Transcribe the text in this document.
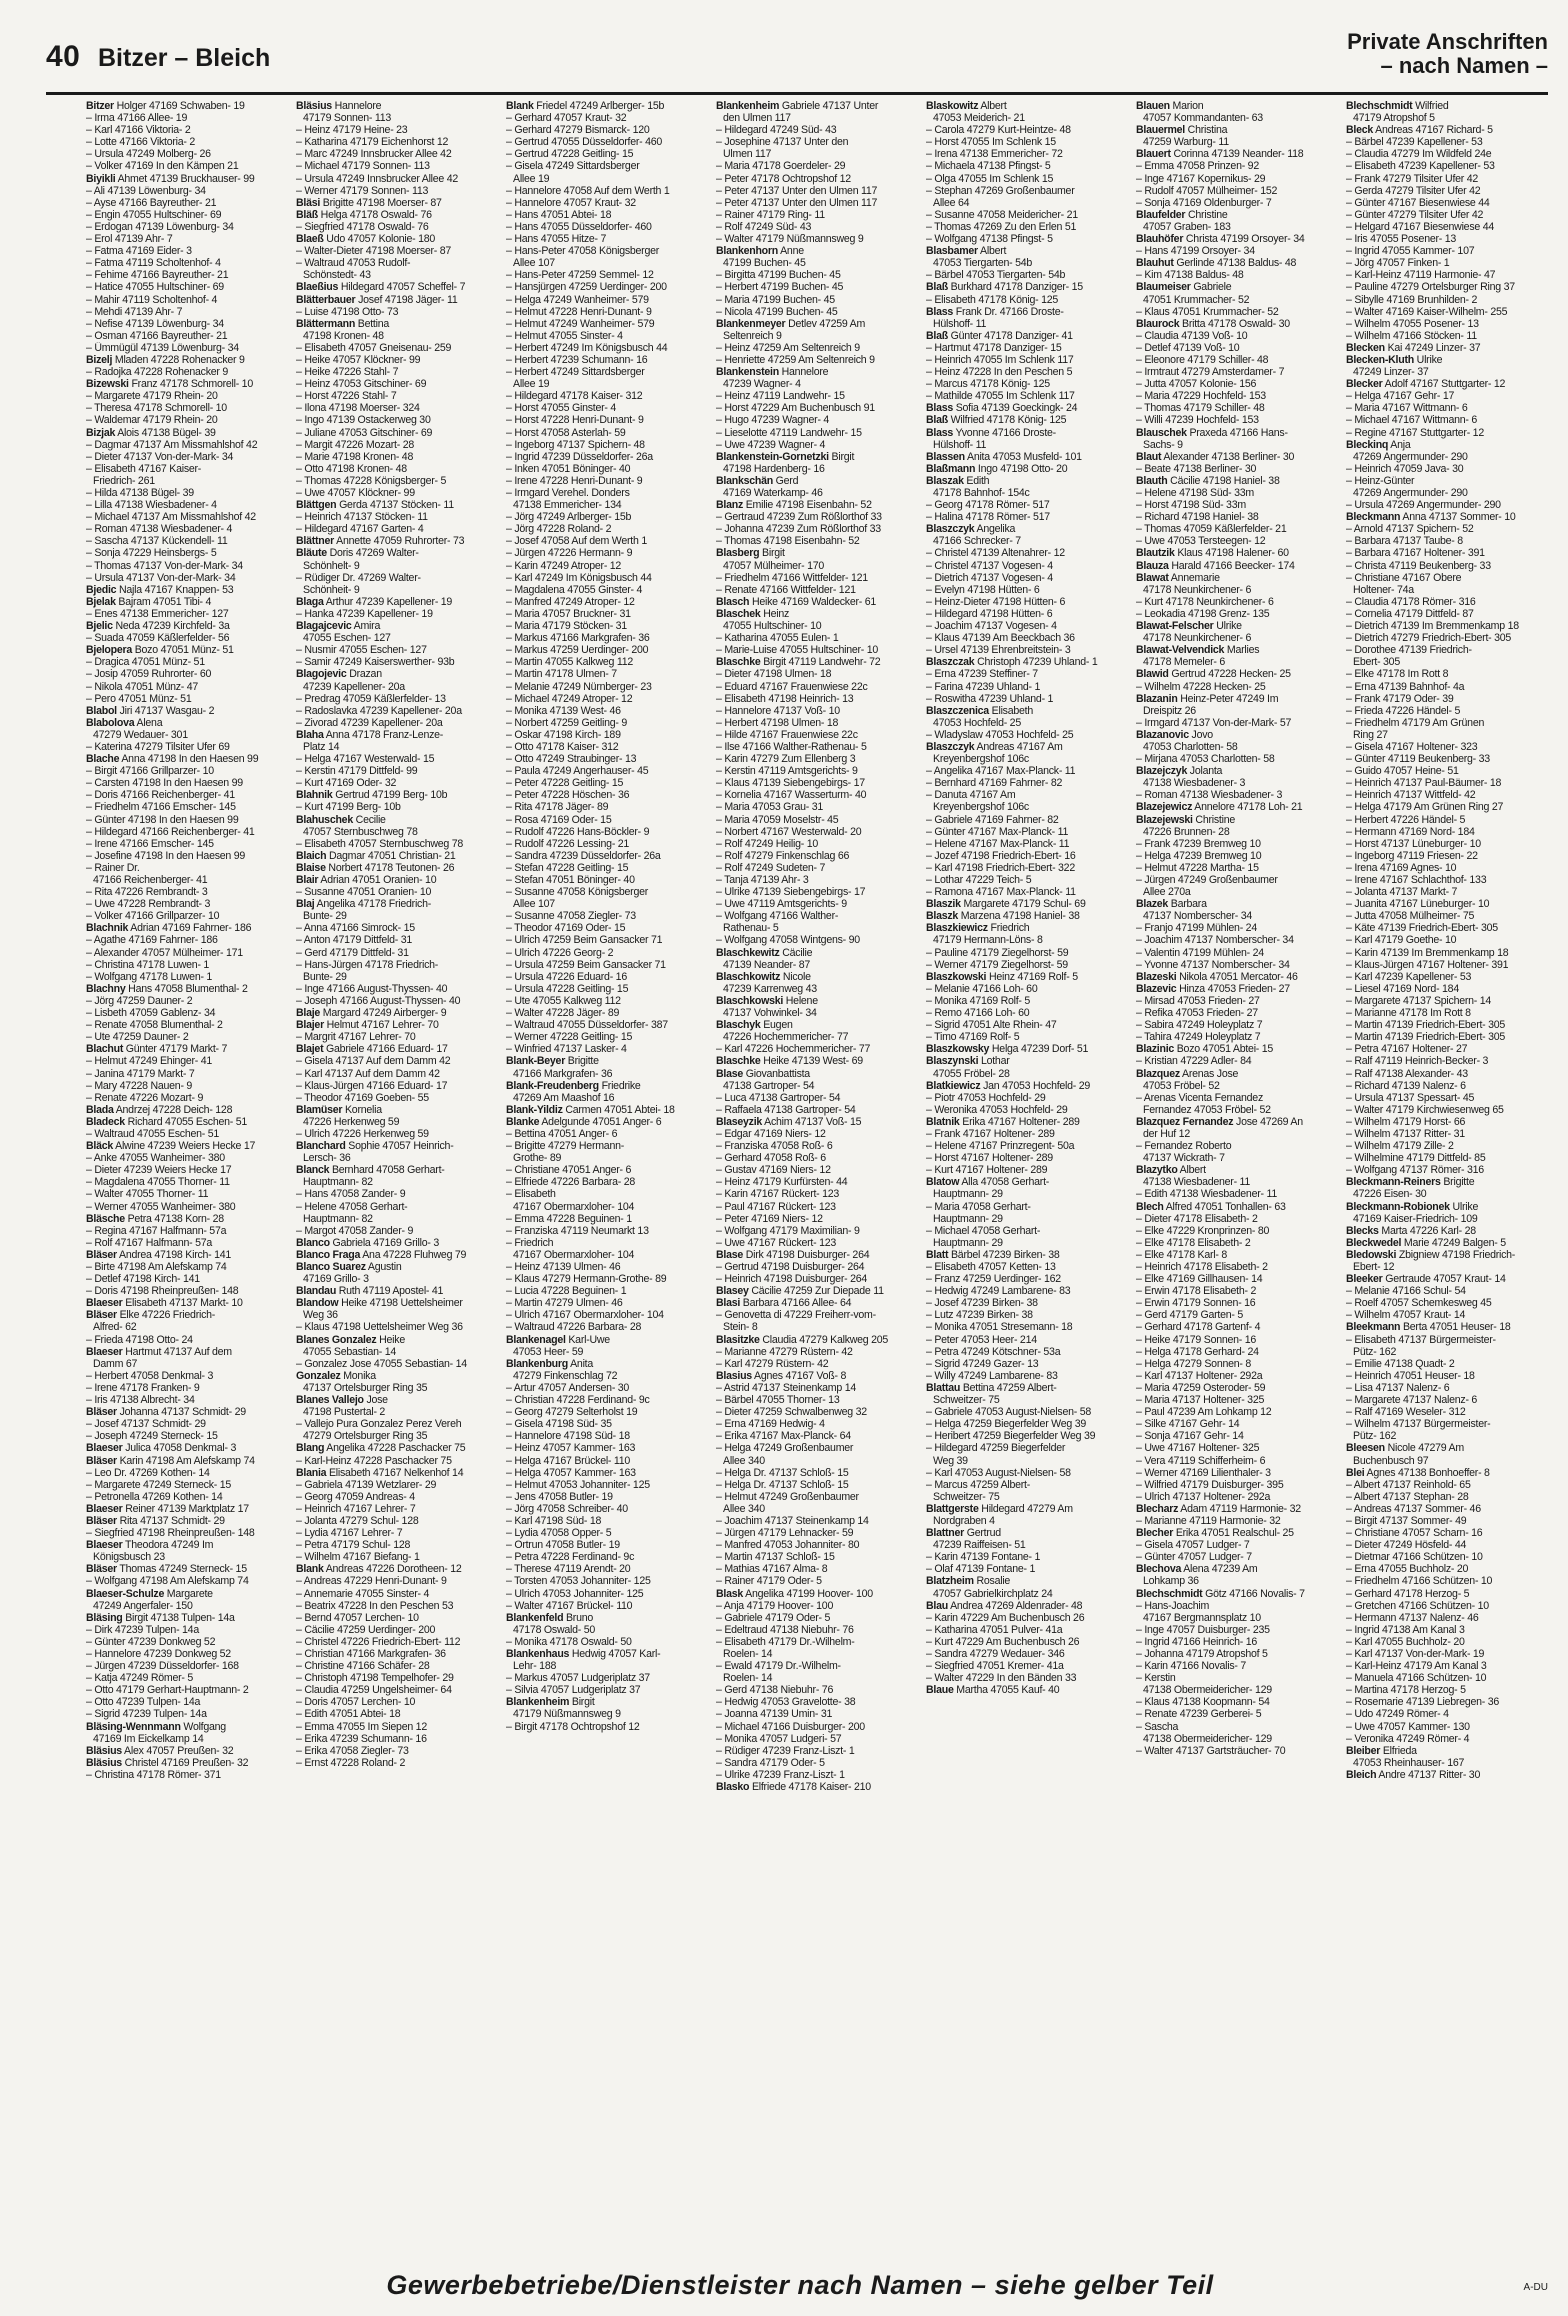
40 Bitzer – Bleich
Private Anschriften
– nach Namen –
Bitzer Holger 47169 Schwaben- 19
– Irma 47166 Allee- 19
– Karl 47166 Viktoria- 2
– Lotte 47166 Viktoria- 2
– Ursula 47249 Molberg- 26
– Volker 47169 In den Kämpen 21
Biyikli Ahmet 47139 Bruckhauser- 99
– Ali 47139 Löwenburg- 34
– Ayse 47166 Bayreuther- 21
– Engin 47055 Hultschiner- 69
– Erdogan 47139 Löwenburg- 34
– Erol 47139 Ahr- 7
– Fatma 47169 Eider- 3
– Fatma 47119 Scholtenhof- 4
– Fehime 47166 Bayreuther- 21
– Hatice 47055 Hultschiner- 69
– Mahir 47119 Scholtenhof- 4
– Mehdi 47139 Ahr- 7
– Nefise 47139 Löwenburg- 34
– Osman 47166 Bayreuther- 21
– Ümmügül 47139 Löwenburg- 34
Bizelj Mladen 47228 Rohenacker 9
– Radojka 47228 Rohenacker 9
Bizewski Franz 47178 Schmorell- 10
– Margarete 47179 Rhein- 20
– Theresa 47178 Schmorell- 10
– Waldemar 47179 Rhein- 20
Bizjak Alois 47138 Bügel- 39
– Dagmar 47137 Am Missmahlshof 42
– Dieter 47137 Von-der-Mark- 34
– Elisabeth 47167 Kaiser-
Friedrich- 261
– Hilda 47138 Bügel- 39
– Lilla 47138 Wiesbadener- 4
– Michael 47137 Am Missmahlshof 42
– Roman 47138 Wiesbadener- 4
– Sascha 47137 Kückendell- 11
– Sonja 47229 Heinsbergs- 5
– Thomas 47137 Von-der-Mark- 34
– Ursula 47137 Von-der-Mark- 34
Bjedic Najla 47167 Knappen- 53
Bjelak Bajram 47051 Tibi- 4
– Enes 47138 Emmericher- 127
Bjelic Neda 47239 Kirchfeld- 3a
– Suada 47059 Käßlerfelder- 56
Bjelopera Bozo 47051 Münz- 51
– Dragica 47051 Münz- 51
– Josip 47059 Ruhrorter- 60
– Nikola 47051 Münz- 47
– Pero 47051 Münz- 51
Blabol Jiri 47137 Wasgau- 2
Blabolova Alena
47279 Wedauer- 301
– Katerina 47279 Tilsiter Ufer 69
Blache Anna 47198 In den Haesen 99
– Birgit 47166 Grillparzer- 10
– Carsten 47198 In den Haesen 99
– Doris 47166 Reichenberger- 41
– Friedhelm 47166 Emscher- 145
– Günter 47198 In den Haesen 99
– Hildegard 47166 Reichenberger- 41
– Irene 47166 Emscher- 145
– Josefine 47198 In den Haesen 99
– Rainer Dr.
47166 Reichenberger- 41
– Rita 47226 Rembrandt- 3
– Uwe 47228 Rembrandt- 3
– Volker 47166 Grillparzer- 10
Blachnik Adrian 47169 Fahrner- 186
– Agathe 47169 Fahrner- 186
– Alexander 47057 Mülheimer- 171
– Christina 47178 Luwen- 1
– Wolfgang 47178 Luwen- 1
Blachny Hans 47058 Blumenthal- 2
– Jörg 47259 Dauner- 2
– Lisbeth 47059 Gablenz- 34
– Renate 47058 Blumenthal- 2
– Ute 47259 Dauner- 2
Blachut Günter 47179 Markt- 7
– Helmut 47249 Ehinger- 41
– Janina 47179 Markt- 7
– Mary 47228 Nauen- 9
– Renate 47226 Mozart- 9
Blada Andrzej 47228 Deich- 128
Bladeck Richard 47055 Eschen- 51
– Waltraud 47055 Eschen- 51
Bläck Alwine 47239 Weiers Hecke 17
– Anke 47055 Wanheimer- 380
– Dieter 47239 Weiers Hecke 17
– Magdalena 47055 Thorner- 11
– Walter 47055 Thorner- 11
– Werner 47055 Wanheimer- 380
Bläsche Petra 47138 Korn- 28
– Regina 47167 Halfmann- 57a
– Rolf 47167 Halfmann- 57a
Bläser Andrea 47198 Kirch- 141
– Birte 47198 Am Alefskamp 74
– Detlef 47198 Kirch- 141
– Doris 47198 Rheinpreußen- 148
Blaeser Elisabeth 47137 Markt- 10
Bläser Elke 47226 Friedrich-
Alfred- 62
– Frieda 47198 Otto- 24
Blaeser Hartmut 47137 Auf dem
Damm 67
– Herbert 47058 Denkmal- 3
– Irene 47178 Franken- 9
– Iris 47138 Albrecht- 34
Bläser Johanna 47137 Schmidt- 29
– Josef 47137 Schmidt- 29
– Joseph 47249 Sterneck- 15
Blaeser Julica 47058 Denkmal- 3
Bläser Karin 47198 Am Alefskamp 74
– Leo Dr. 47269 Kothen- 14
– Margarete 47249 Sterneck- 15
– Petronella 47269 Kothen- 14
Blaeser Reiner 47139 Marktplatz 17
Bläser Rita 47137 Schmidt- 29
– Siegfried 47198 Rheinpreußen- 148
Blaeser Theodora 47249 Im
Königsbusch 23
Bläser Thomas 47249 Sterneck- 15
– Wolfgang 47198 Am Alefskamp 74
Blaeser-Schulze Margarete
47249 Angerfaler- 150
Bläsing Birgit 47138 Tulpen- 14a
– Dirk 47239 Tulpen- 14a
– Günter 47239 Donkweg 52
– Hannelore 47239 Donkweg 52
– Jürgen 47239 Düsseldorfer- 168
– Katja 47249 Römer- 5
– Otto 47179 Gerhart-Hauptmann- 2
– Otto 47239 Tulpen- 14a
– Sigrid 47239 Tulpen- 14a
Bläsing-Wennmann Wolfgang
47169 Im Eickelkamp 14
Bläsius Alex 47057 Preußen- 32
Bläsius Christel 47169 Preußen- 32
– Christina 47178 Römer- 371
Bläsius Hannelore
47179 Sonnen- 113
– Heinz 47179 Heine- 23
– Katharina 47179 Eichenhorst 12
– Marc 47249 Innsbrucker Allee 42
– Michael 47179 Sonnen- 113
– Ursula 47249 Innsbrucker Allee 42
– Werner 47179 Sonnen- 113
Bläsi Brigitte 47198 Moerser- 87
Bläß Helga 47178 Oswald- 76
– Siegfried 47178 Oswald- 76
Blaeß Udo 47057 Kolonie- 180
– Walter-Dieter 47198 Moerser- 87
– Waltraud 47053 Rudolf-
Schönstedt- 43
Blaeßius Hildegard 47057 Scheffel- 7
Blätterbauer Josef 47198 Jäger- 11
– Luise 47198 Otto- 73
Blättermann Bettina
47198 Kronen- 48
– Elisabeth 47057 Gneisenau- 259
– Heike 47057 Klöckner- 99
– Heike 47226 Stahl- 7
– Heinz 47053 Gitschiner- 69
– Horst 47226 Stahl- 7
– Ilona 47198 Moerser- 324
– Ingo 47139 Ostackerweg 30
– Juliane 47053 Gitschiner- 69
– Margit 47226 Mozart- 28
– Marie 47198 Kronen- 48
– Otto 47198 Kronen- 48
– Thomas 47228 Königsberger- 5
– Uwe 47057 Klöckner- 99
Blättgen Gerda 47137 Stöcken- 11
– Heinrich 47137 Stöcken- 11
– Hildegard 47167 Garten- 4
Blättner Annette 47059 Ruhrorter- 73
Bläute Doris 47269 Walter-
Schönhelt- 9
– Rüdiger Dr. 47269 Walter-
Schönheit- 9
Blaga Arthur 47239 Kapellener- 19
– Hanka 47239 Kapellener- 19
Blagajcevic Amira
47055 Eschen- 127
– Nusmir 47055 Eschen- 127
– Samir 47249 Kaiserswerther- 93b
Blagojevic Drazan
47239 Kapellener- 20a
– Predrag 47059 Käßlerfelder- 13
– Radoslavka 47239 Kapellener- 20a
– Zivorad 47239 Kapellener- 20a
Blaha Anna 47178 Franz-Lenze-
Platz 14
– Helga 47167 Westerwald- 15
– Kerstin 47179 Dittfeld- 99
– Kurt 47169 Oder- 32
Blahnik Gertrud 47199 Berg- 10b
– Kurt 47199 Berg- 10b
Blahuschek Cecilie
47057 Sternbuschweg 78
– Elisabeth 47057 Sternbuschweg 78
Blaich Dagmar 47051 Christian- 21
Blaise Norbert 47178 Teutonen- 26
Blair Adrian 47051 Oranien- 10
– Susanne 47051 Oranien- 10
Blaj Angelika 47178 Friedrich-
Bunte- 29
– Anna 47166 Simrock- 15
– Anton 47179 Dittfeld- 31
– Gerd 47179 Dittfeld- 31
– Hans-Jürgen 47178 Friedrich-
Bunte- 29
– Inge 47166 August-Thyssen- 40
– Joseph 47166 August-Thyssen- 40
Blaje Margard 47249 Airberger- 9
Blajer Helmut 47167 Lehrer- 70
– Margrit 47167 Lehrer- 70
Blajet Gabriele 47166 Eduard- 17
– Gisela 47137 Auf dem Damm 42
– Karl 47137 Auf dem Damm 42
– Klaus-Jürgen 47166 Eduard- 17
– Theodor 47169 Goeben- 55
Blamüser Kornelia
47226 Herkenweg 59
– Ulrich 47226 Herkenweg 59
Blanchard Sophie 47057 Heinrich-
Lersch- 36
Blanck Bernhard 47058 Gerhart-
Hauptmann- 82
– Hans 47058 Zander- 9
– Helene 47058 Gerhart-
Hauptmann- 82
– Margot 47058 Zander- 9
Blanco Gabriela 47169 Grillo- 3
Blanco Fraga Ana 47228 Fluhweg 79
Blanco Suarez Agustin
47169 Grillo- 3
Blandau Ruth 47119 Apostel- 41
Blandow Heike 47198 Uettelsheimer
Weg 36
– Klaus 47198 Uettelsheimer Weg 36
Blanes Gonzalez Heike
47055 Sebastian- 14
– Gonzalez Jose 47055 Sebastian- 14
Gonzalez Monika
47137 Ortelsburger Ring 35
Blanes Vallejo Jose
47198 Pustertal- 2
– Vallejo Pura Gonzalez Perez Vereh
47279 Ortelsburger Ring 35
Blang Angelika 47228 Paschacker 75
– Karl-Heinz 47228 Paschacker 75
Blania Elisabeth 47167 Nelkenhof 14
– Gabriela 47139 Wetzlarer- 29
– Georg 47059 Andreas- 4
– Heinrich 47167 Lehrer- 7
– Jolanta 47279 Schul- 128
– Lydia 47167 Lehrer- 7
– Petra 47179 Schul- 128
– Wilhelm 47167 Biefang- 1
Blank Andreas 47226 Dorotheen- 12
– Andreas 47229 Henri-Dunant- 9
– Annemarie 47055 Sinster- 4
– Beatrix 47228 In den Peschen 53
– Bernd 47057 Lerchen- 10
– Cäcilie 47259 Uerdinger- 200
– Christel 47226 Friedrich-Ebert- 112
– Christian 47166 Markgrafen- 36
– Christine 47166 Schäfer- 28
– Christoph 47198 Tempelhofer- 29
– Claudia 47259 Ungelsheimer- 64
– Doris 47057 Lerchen- 10
– Edith 47051 Abtei- 18
– Emma 47055 Im Siepen 12
– Erika 47239 Schumann- 16
– Erika 47058 Ziegler- 73
– Ernst 47228 Roland- 2
Blank Friedel 47249 Arlberger- 15b
– Gerhard 47057 Kraut- 32
– Gerhard 47279 Bismarck- 120
– Gertrud 47055 Düsseldorfer- 460
– Gertrud 47228 Geitling- 15
– Gisela 47249 Sittardsberger
Allee 19
– Hannelore 47058 Auf dem Werth 1
– Hannelore 47057 Kraut- 32
– Hans 47051 Abtei- 18
– Hans 47055 Düsseldorfer- 460
– Hans 47055 Hitze- 7
– Hans-Peter 47058 Königsberger
Allee 107
– Hans-Peter 47259 Semmel- 12
– Hansjürgen 47259 Uerdinger- 200
– Helga 47249 Wanheimer- 579
– Helmut 47228 Henri-Dunant- 9
– Helmut 47249 Wanheimer- 579
– Helmut 47055 Sinster- 4
– Herbert 47249 Im Königsbusch 44
– Herbert 47239 Schumann- 16
– Herbert 47249 Sittardsberger
Allee 19
– Hildegard 47178 Kaiser- 312
– Horst 47055 Ginster- 4
– Horst 47228 Henri-Dunant- 9
– Horst 47058 Asterlah- 59
– Ingeborg 47137 Spichern- 48
– Ingrid 47239 Düsseldorfer- 26a
– Inken 47051 Böninger- 40
– Irene 47228 Henri-Dunant- 9
– Irmgard Verehel. Donders
47138 Emmericher- 134
– Jörg 47249 Arlberger- 15b
– Jörg 47228 Roland- 2
– Josef 47058 Auf dem Werth 1
– Jürgen 47226 Hermann- 9
– Karin 47249 Atroper- 12
– Karl 47249 Im Königsbusch 44
– Magdalena 47055 Ginster- 4
– Manfred 47249 Atroper- 12
– Maria 47057 Bruckner- 31
– Maria 47179 Stöcken- 31
– Markus 47166 Markgrafen- 36
– Markus 47259 Uerdinger- 200
– Martin 47055 Kalkweg 112
– Martin 47178 Ulmen- 7
– Melanie 47249 Nürnberger- 23
– Michael 47249 Atroper- 12
– Monika 47139 West- 46
– Norbert 47259 Geitling- 9
– Oskar 47198 Kirch- 189
– Otto 47178 Kaiser- 312
– Otto 47249 Straubinger- 13
– Paula 47249 Angerhauser- 45
– Peter 47228 Geitling- 15
– Peter 47228 Höschen- 36
– Rita 47178 Jäger- 89
– Rosa 47169 Oder- 15
– Rudolf 47226 Hans-Böckler- 9
– Rudolf 47226 Lessing- 21
– Sandra 47239 Düsseldorfer- 26a
– Stefan 47228 Geitling- 15
– Stefan 47051 Böninger- 40
– Susanne 47058 Königsberger
Allee 107
– Susanne 47058 Ziegler- 73
– Theodor 47169 Oder- 15
– Ulrich 47259 Beim Gansacker 71
– Ulrich 47226 Georg- 2
– Ursula 47259 Beim Gansacker 71
– Ursula 47226 Eduard- 16
– Ursula 47228 Geitling- 15
– Ute 47055 Kalkweg 112
– Walter 47228 Jäger- 89
– Waltraud 47055 Düsseldorfer- 387
– Werner 47228 Geitling- 15
– Winfried 47137 Lasker- 4
Blank-Beyer Brigitte
47166 Markgrafen- 36
Blank-Freudenberg Friedrike
47269 Am Maashof 16
Blank-Yildiz Carmen 47051 Abtei- 18
Blanke Adelgunde 47051 Anger- 6
– Bettina 47051 Anger- 6
– Brigitte 47279 Hermann-
Grothe- 89
– Christiane 47051 Anger- 6
– Elfriede 47226 Barbara- 28
– Elisabeth
47167 Obermarxloher- 104
– Emma 47228 Beguinen- 1
– Franziska 47119 Neumarkt 13
– Friedrich
47167 Obermarxloher- 104
– Heinz 47139 Ulmen- 46
– Klaus 47279 Hermann-Grothe- 89
– Lucia 47228 Beguinen- 1
– Martin 47279 Ulmen- 46
– Ulrich 47167 Obermarxloher- 104
– Waltraud 47226 Barbara- 28
Blankenagel Karl-Uwe
47053 Heer- 59
Blankenburg Anita
47279 Finkenschlag 72
– Artur 47057 Andersen- 30
– Christian 47228 Ferdinand- 9c
– Georg 47279 Selterholst 19
– Gisela 47198 Süd- 35
– Hannelore 47198 Süd- 18
– Heinz 47057 Kammer- 163
– Helga 47167 Brückel- 110
– Helga 47057 Kammer- 163
– Helmut 47053 Johanniter- 125
– Jens 47058 Butler- 19
– Jörg 47058 Schreiber- 40
– Karl 47198 Süd- 18
– Lydia 47058 Opper- 5
– Ortrun 47058 Butler- 19
– Petra 47228 Ferdinand- 9c
– Therese 47119 Arendt- 20
– Torsten 47053 Johanniter- 125
– Ulrich 47053 Johanniter- 125
– Walter 47167 Brückel- 110
Blankenfeld Bruno
47178 Oswald- 50
– Monika 47178 Oswald- 50
Blankenhaus Hedwig 47057 Karl-
Lehr- 188
– Markus 47057 Ludgeriplatz 37
– Silvia 47057 Ludgeriplatz 37
Blankenheim Birgit
47179 Nüßmannsweg 9
– Birgit 47178 Ochtropshof 12
Blankenheim Gabriele 47137 Unter
den Ulmen 117
– Hildegard 47249 Süd- 43
– Josephine 47137 Unter den
Ulmen 117
– Maria 47178 Goerdeler- 29
– Peter 47178 Ochtropshof 12
– Peter 47137 Unter den Ulmen 117
– Peter 47137 Unter den Ulmen 117
– Rainer 47179 Ring- 11
– Rolf 47249 Süd- 43
– Walter 47179 Nüßmannsweg 9
Blankenhorn Anne
47199 Buchen- 45
– Birgitta 47199 Buchen- 45
– Herbert 47199 Buchen- 45
– Maria 47199 Buchen- 45
– Nicola 47199 Buchen- 45
Blankenmeyer Detlev 47259 Am
Seltenreich 9
– Heinz 47259 Am Seltenreich 9
– Henriette 47259 Am Seltenreich 9
Blankenstein Hannelore
47239 Wagner- 4
– Heinz 47119 Landwehr- 15
– Horst 47229 Am Buchenbusch 91
– Hugo 47239 Wagner- 4
– Lieselotte 47119 Landwehr- 15
– Uwe 47239 Wagner- 4
Blankenstein-Gornetzki Birgit
47198 Hardenberg- 16
Blankschän Gerd
47169 Waterkamp- 46
Blanz Emilie 47198 Eisenbahn- 52
– Gertraud 47239 Zum Rößlorthof 33
– Johanna 47239 Zum Rößlorthof 33
– Thomas 47198 Eisenbahn- 52
Blasberg Birgit
47057 Mülheimer- 170
– Friedhelm 47166 Wittfelder- 121
– Renate 47166 Wittfelder- 121
Blasch Heike 47169 Waldecker- 61
Blaschek Heinz
47055 Hultschiner- 10
– Katharina 47055 Eulen- 1
– Marie-Luise 47055 Hultschiner- 10
Blaschke Birgit 47119 Landwehr- 72
– Dieter 47198 Ulmen- 18
– Eduard 47167 Frauenwiese 22c
– Elisabeth 47198 Heinrich- 13
– Hannelore 47137 Voß- 10
– Herbert 47198 Ulmen- 18
– Hilde 47167 Frauenwiese 22c
– Ilse 47166 Walther-Rathenau- 5
– Karin 47279 Zum Ellenberg 3
– Kerstin 47119 Amtsgerichts- 9
– Klaus 47139 Siebengebirgs- 17
– Kornelia 47167 Wasserturm- 40
– Maria 47053 Grau- 31
– Maria 47059 Moselstr- 45
– Norbert 47167 Westerwald- 20
– Rolf 47249 Heilig- 10
– Rolf 47279 Finkenschlag 66
– Rolf 47249 Sudeten- 7
– Tanja 47139 Ahr- 3
– Ulrike 47139 Siebengebirgs- 17
– Uwe 47119 Amtsgerichts- 9
– Wolfgang 47166 Walther-
Rathenau- 5
– Wolfgang 47058 Wintgens- 90
Blaschkewitz Cäcilie
47139 Neander- 87
Blaschkowitz Nicole
47239 Karrenweg 43
Blaschkowski Helene
47137 Vohwinkel- 34
Blaschyk Eugen
47226 Hochemmericher- 77
– Karl 47226 Hochemmericher- 77
Blaschke Heike 47139 West- 69
Blase Giovanbattista
47138 Gartroper- 54
– Luca 47138 Gartroper- 54
– Raffaela 47138 Gartroper- 54
Blaseyzik Achim 47137 Voß- 15
– Edgar 47169 Niers- 12
– Franziska 47058 Roß- 6
– Gerhard 47058 Roß- 6
– Gustav 47169 Niers- 12
– Heinz 47179 Kurfürsten- 44
– Karin 47167 Rückert- 123
– Paul 47167 Rückert- 123
– Peter 47169 Niers- 12
– Wolfgang 47179 Maximilian- 9
– Uwe 47167 Rückert- 123
Blase Dirk 47198 Duisburger- 264
– Gertrud 47198 Duisburger- 264
– Heinrich 47198 Duisburger- 264
Blasey Cäcilie 47259 Zur Diepade 11
Blasi Barbara 47166 Allee- 64
– Genovetta di 47229 Freiherr-vom-
Stein- 8
Blasitzke Claudia 47279 Kalkweg 205
– Marianne 47279 Rüstern- 42
– Karl 47279 Rüstern- 42
Blasius Agnes 47167 Voß- 8
– Astrid 47137 Steinenkamp 14
– Bärbel 47055 Thorner- 13
– Dieter 47259 Schwalbenweg 32
– Erna 47169 Hedwig- 4
– Erika 47167 Max-Planck- 64
– Helga 47249 Großenbaumer
Allee 340
– Helga Dr. 47137 Schloß- 15
– Helga Dr. 47137 Schloß- 15
– Helmut 47249 Großenbaumer
Allee 340
– Joachim 47137 Steinenkamp 14
– Jürgen 47179 Lehnacker- 59
– Manfred 47053 Johanniter- 80
– Martin 47137 Schloß- 15
– Mathias 47167 Alma- 8
– Rainer 47179 Oder- 5
Blask Angelika 47199 Hoover- 100
– Anja 47179 Hoover- 100
– Gabriele 47179 Oder- 5
– Edeltraud 47138 Niebuhr- 76
– Elisabeth 47179 Dr.-Wilhelm-
Roelen- 14
– Ewald 47179 Dr.-Wilhelm-
Roelen- 14
– Gerd 47138 Niebuhr- 76
– Hedwig 47053 Gravelotte- 38
– Joanna 47139 Umin- 31
– Michael 47166 Duisburger- 200
– Monika 47057 Ludgeri- 57
– Rüdiger 47239 Franz-Liszt- 1
– Sandra 47179 Oder- 5
– Ulrike 47239 Franz-Liszt- 1
Blasko Elfriede 47178 Kaiser- 210
Blaskowitz Albert
47053 Meiderich- 21
– Carola 47279 Kurt-Heintze- 48
– Horst 47055 Im Schlenk 15
– Irena 47138 Emmericher- 72
– Michaela 47138 Pfingst- 5
– Olga 47055 Im Schlenk 15
– Stephan 47269 Großenbaumer
Allee 64
– Susanne 47058 Meidericher- 21
– Thomas 47269 Zu den Erlen 51
– Wolfgang 47138 Pfingst- 5
Blasbamer Albert
47053 Tiergarten- 54b
– Bärbel 47053 Tiergarten- 54b
Blaß Burkhard 47178 Danziger- 15
– Elisabeth 47178 König- 125
Blass Frank Dr. 47166 Droste-
Hülshoff- 11
Blaß Günter 47178 Danziger- 41
– Hartmut 47178 Danziger- 15
– Heinrich 47055 Im Schlenk 117
– Heinz 47228 In den Peschen 5
– Marcus 47178 König- 125
– Mathilde 47055 Im Schlenk 117
Blass Sofia 47139 Goeckingk- 24
Blaß Wilfried 47178 König- 125
Blass Yvonne 47166 Droste-
Hülshoff- 11
Blassen Anita 47053 Musfeld- 101
Blaßmann Ingo 47198 Otto- 20
Blaszak Edith
47178 Bahnhof- 154c
– Georg 47178 Römer- 517
– Halina 47178 Römer- 517
Blaszczyk Angelika
47166 Schrecker- 7
– Christel 47139 Altenahrer- 12
– Christel 47137 Vogesen- 4
– Dietrich 47137 Vogesen- 4
– Evelyn 47198 Hütten- 6
– Heinz-Dieter 47198 Hütten- 6
– Hildegard 47198 Hütten- 6
– Joachim 47137 Vogesen- 4
– Klaus 47139 Am Beeckbach 36
– Ursel 47139 Ehrenbreitstein- 3
Blaszczak Christoph 47239 Uhland- 1
– Erna 47239 Steffiner- 7
– Farina 47239 Uhland- 1
– Roswitha 47239 Uhland- 1
Blaszczenica Elisabeth
47053 Hochfeld- 25
– Wladyslaw 47053 Hochfeld- 25
Blaszczyk Andreas 47167 Am
Kreyenbergshof 106c
– Angelika 47167 Max-Planck- 11
– Bernhard 47169 Fahrner- 82
– Danuta 47167 Am
Kreyenbergshof 106c
– Gabriele 47169 Fahrner- 82
– Günter 47167 Max-Planck- 11
– Helene 47167 Max-Planck- 11
– Jozef 47198 Friedrich-Ebert- 16
– Karl 47198 Friedrich-Ebert- 322
– Lothar 47229 Teich- 5
– Ramona 47167 Max-Planck- 11
Blaszik Margarete 47179 Schul- 69
Blaszk Marzena 47198 Haniel- 38
Blaszkiewicz Friedrich
47179 Hermann-Löns- 8
– Pauline 47179 Ziegelhorst- 59
– Werner 47179 Ziegelhorst- 59
Blaszkowski Heinz 47169 Rolf- 5
– Melanie 47166 Loh- 60
– Monika 47169 Rolf- 5
– Remo 47166 Loh- 60
– Sigrid 47051 Alte Rhein- 47
– Timo 47169 Rolf- 5
Blaszkowsky Helga 47239 Dorf- 51
Blaszynski Lothar
47055 Fröbel- 28
Blatkiewicz Jan 47053 Hochfeld- 29
– Piotr 47053 Hochfeld- 29
– Weronika 47053 Hochfeld- 29
Blatnik Erika 47167 Holtener- 289
– Frank 47167 Holtener- 289
– Helene 47167 Prinzregent- 50a
– Horst 47167 Holtener- 289
– Kurt 47167 Holtener- 289
Blatow Alla 47058 Gerhart-
Hauptmann- 29
– Maria 47058 Gerhart-
Hauptmann- 29
– Michael 47058 Gerhart-
Hauptmann- 29
Blatt Bärbel 47239 Birken- 38
– Elisabeth 47057 Ketten- 13
– Franz 47259 Uerdinger- 162
– Hedwig 47249 Lambarene- 83
– Josef 47239 Birken- 38
– Lutz 47239 Birken- 38
– Monika 47051 Stresemann- 18
– Peter 47053 Heer- 214
– Petra 47249 Kötschner- 53a
– Sigrid 47249 Gazer- 13
– Willy 47249 Lambarene- 83
Blattau Bettina 47259 Albert-
Schweitzer- 75
– Gabriele 47053 August-Nielsen- 58
– Helga 47259 Biegerfelder Weg 39
– Heribert 47259 Biegerfelder Weg 39
– Hildegard 47259 Biegerfelder
Weg 39
– Karl 47053 August-Nielsen- 58
– Marcus 47259 Albert-
Schweitzer- 75
Blattgerste Hildegard 47279 Am
Nordgraben 4
Blattner Gertrud
47239 Raiffeisen- 51
– Karin 47139 Fontane- 1
– Olaf 47139 Fontane- 1
Blatzheim Rosalie
47057 Gabrielkirchplatz 24
Blau Andrea 47269 Aldenrader- 48
– Karin 47229 Am Buchenbusch 26
– Katharina 47051 Pulver- 41a
– Kurt 47229 Am Buchenbusch 26
– Sandra 47279 Wedauer- 346
– Siegfried 47051 Kremer- 41a
– Walter 47229 In den Bänden 33
Blaue Martha 47055 Kauf- 40
Blauen Marion
47057 Kommandanten- 63
Blauermel Christina
47259 Warburg- 11
Blauert Corinna 47139 Neander- 118
– Emma 47058 Prinzen- 92
– Inge 47167 Kopernikus- 29
– Rudolf 47057 Mülheimer- 152
– Sonja 47169 Oldenburger- 7
Blaufelder Christine
47057 Graben- 183
Blauhöfer Christa 47199 Orsoyer- 34
– Hans 47199 Orsoyer- 34
Blauhut Gerlinde 47138 Baldus- 48
– Kim 47138 Baldus- 48
Blaumeiser Gabriele
47051 Krummacher- 52
– Klaus 47051 Krummacher- 52
Blaurock Britta 47178 Oswald- 30
– Claudia 47139 Voß- 10
– Detlef 47139 Voß- 10
– Eleonore 47179 Schiller- 48
– Irmtraut 47279 Amsterdamer- 7
– Jutta 47057 Kolonie- 156
– Maria 47229 Hochfeld- 153
– Thomas 47179 Schiller- 48
– Willi 47239 Hochfeld- 153
Blauschek Praxeda 47166 Hans-
Sachs- 9
Blaut Alexander 47138 Berliner- 30
– Beate 47138 Berliner- 30
Blauth Cäcilie 47198 Haniel- 38
– Helene 47198 Süd- 33m
– Horst 47198 Süd- 33m
– Richard 47198 Haniel- 38
– Thomas 47059 Käßlerfelder- 21
– Uwe 47053 Tersteegen- 12
Blautzik Klaus 47198 Halener- 60
Blauza Harald 47166 Beecker- 174
Blawat Annemarie
47178 Neunkirchener- 6
– Kurt 47178 Neunkirchener- 6
– Leokadia 47198 Grenz- 135
Blawat-Felscher Ulrike
47178 Neunkirchener- 6
Blawat-Velvendick Marlies
47178 Memeler- 6
Blawid Gertrud 47228 Hecken- 25
– Wilhelm 47228 Hecken- 25
Blazanin Heinz-Peter 47249 Im
Dreispitz 26
– Irmgard 47137 Von-der-Mark- 57
Blazanovic Jovo
47053 Charlotten- 58
– Mirjana 47053 Charlotten- 58
Blazejczyk Jolanta
47138 Wiesbadener- 3
– Roman 47138 Wiesbadener- 3
Blazejewicz Annelore 47178 Loh- 21
Blazejewski Christine
47226 Brunnen- 28
– Frank 47239 Bremweg 10
– Helga 47239 Bremweg 10
– Helmut 47228 Martha- 15
– Jürgen 47249 Großenbaumer
Allee 270a
Blazek Barbara
47137 Nomberscher- 34
– Franjo 47199 Mühlen- 24
– Joachim 47137 Nomberscher- 34
– Valentin 47199 Mühlen- 24
– Yvonne 47137 Nomberscher- 34
Blazeski Nikola 47051 Mercator- 46
Blazevic Hinza 47053 Frieden- 27
– Mirsad 47053 Frieden- 27
– Refika 47053 Frieden- 27
– Sabira 47249 Holeyplatz 7
– Tahira 47249 Holeyplatz 7
Blazinic Bozo 47051 Abtei- 15
– Kristian 47229 Adler- 84
Blazquez Arenas Jose
47053 Fröbel- 52
– Arenas Vicenta Fernandez
Fernandez 47053 Fröbel- 52
Blazquez Fernandez Jose 47269 An
der Huf 12
– Fernandez Roberto
47137 Wickrath- 7
Blazytko Albert
47138 Wiesbadener- 11
– Edith 47138 Wiesbadener- 11
Blech Alfred 47051 Tonhallen- 63
– Dieter 47178 Elisabeth- 2
– Elke 47229 Kronprinzen- 80
– Elke 47178 Elisabeth- 2
– Elke 47178 Karl- 8
– Heinrich 47178 Elisabeth- 2
– Elke 47169 Gillhausen- 14
– Erwin 47178 Elisabeth- 2
– Erwin 47179 Sonnen- 16
– Gerd 47179 Garten- 5
– Gerhard 47178 Gartenf- 4
– Heike 47179 Sonnen- 16
– Helga 47178 Gerhard- 24
– Helga 47279 Sonnen- 8
– Karl 47137 Holtener- 292a
– Maria 47259 Osteroder- 59
– Maria 47137 Holtener- 325
– Paul 47239 Am Lohkamp 12
– Silke 47167 Gehr- 14
– Sonja 47167 Gehr- 14
– Uwe 47167 Holtener- 325
– Vera 47119 Schifferheim- 6
– Werner 47169 Lilienthaler- 3
– Wilfried 47179 Duisburger- 395
– Ulrich 47137 Holtener- 292a
Blecharz Adam 47119 Harmonie- 32
– Marianne 47119 Harmonie- 32
Blecher Erika 47051 Realschul- 25
– Gisela 47057 Ludger- 7
– Günter 47057 Ludger- 7
Blechova Alena 47239 Am
Lohkamp 36
Blechschmidt Götz 47166 Novalis- 7
– Hans-Joachim
47167 Bergmannsplatz 10
– Inge 47057 Duisburger- 235
– Ingrid 47166 Heinrich- 16
– Johanna 47179 Atropshof 5
– Karin 47166 Novalis- 7
– Kerstin
47138 Obermeidericher- 129
– Klaus 47138 Koopmann- 54
– Renate 47239 Gerberei- 5
– Sascha
47138 Obermeidericher- 129
– Walter 47137 Gartsträucher- 70
Blechschmidt Wilfried
47179 Atropshof 5
Bleck Andreas 47167 Richard- 5
– Bärbel 47239 Kapellener- 53
– Claudia 47279 Im Wildfeld 24e
– Elisabeth 47239 Kapellener- 53
– Frank 47279 Tilsiter Ufer 42
– Gerda 47279 Tilsiter Ufer 42
– Günter 47167 Biesenwiese 44
– Günter 47279 Tilsiter Ufer 42
– Helgard 47167 Biesenwiese 44
– Iris 47055 Posener- 13
– Ingrid 47055 Kammer- 107
– Jörg 47057 Finken- 1
– Karl-Heinz 47119 Harmonie- 47
– Pauline 47279 Ortelsburger Ring 37
– Sibylle 47169 Brunhilden- 2
– Walter 47169 Kaiser-Wilhelm- 255
– Wilhelm 47055 Posener- 13
– Wilhelm 47166 Stöcken- 11
Blecken Kai 47249 Linzer- 37
Blecken-Kluth Ulrike
47249 Linzer- 37
Blecker Adolf 47167 Stuttgarter- 12
– Helga 47167 Gehr- 17
– Maria 47167 Wittmann- 6
– Michael 47167 Wittmann- 6
– Regine 47167 Stuttgarter- 12
Bleckinq Anja
47269 Angermunder- 290
– Heinrich 47059 Java- 30
– Heinz-Günter
47269 Angermunder- 290
– Ursula 47269 Angermunder- 290
Bleckmann Anna 47137 Sommer- 10
– Arnold 47137 Spichern- 52
– Barbara 47137 Taube- 8
– Barbara 47167 Holtener- 391
– Christa 47119 Beukenberg- 33
– Christiane 47167 Obere
Holtener- 74a
– Claudia 47178 Römer- 316
– Cornelia 47179 Dittfeld- 87
– Dietrich 47139 Im Bremmenkamp 18
– Dietrich 47279 Friedrich-Ebert- 305
– Dorothee 47139 Friedrich-
Ebert- 305
– Elke 47178 Im Rott 8
– Erna 47139 Bahnhof- 4a
– Frank 47179 Oder- 39
– Frieda 47226 Händel- 5
– Friedhelm 47179 Am Grünen
Ring 27
– Gisela 47167 Holtener- 323
– Günter 47119 Beukenberg- 33
– Guido 47057 Heine- 51
– Heinrich 47137 Paul-Bäumer- 18
– Heinrich 47137 Wittfeld- 42
– Helga 47179 Am Grünen Ring 27
– Herbert 47226 Händel- 5
– Hermann 47169 Nord- 184
– Horst 47137 Lüneburger- 10
– Ingeborg 47119 Friesen- 22
– Irena 47169 Agnes- 10
– Irene 47167 Schlachthof- 133
– Jolanta 47137 Markt- 7
– Juanita 47167 Lüneburger- 10
– Jutta 47058 Mülheimer- 75
– Käte 47139 Friedrich-Ebert- 305
– Karl 47179 Goethe- 10
– Karin 47139 Im Bremmenkamp 18
– Klaus-Jürgen 47167 Holtener- 391
– Karl 47239 Kapellener- 53
– Liesel 47169 Nord- 184
– Margarete 47137 Spichern- 14
– Marianne 47178 Im Rott 8
– Martin 47139 Friedrich-Ebert- 305
– Martin 47139 Friedrich-Ebert- 305
– Petra 47167 Holtener- 27
– Ralf 47119 Heinrich-Becker- 3
– Ralf 47138 Alexander- 43
– Richard 47139 Nalenz- 6
– Ursula 47137 Spessart- 45
– Walter 47179 Kirchwiesenweg 65
– Wilhelm 47179 Horst- 66
– Wilhelm 47137 Ritter- 31
– Wilhelm 47179 Zille- 2
– Wilhelmine 47179 Dittfeld- 85
– Wolfgang 47137 Römer- 316
Bleckmann-Reiners Brigitte
47226 Eisen- 30
Bleckmann-Robionek Ulrike
47169 Kaiser-Friedrich- 109
Blecks Marta 47226 Karl- 28
Bleckwedel Marie 47249 Balgen- 5
Bledowski Zbigniew 47198 Friedrich-
Ebert- 12
Bleeker Gertraude 47057 Kraut- 14
– Melanie 47166 Schul- 54
– Roelf 47057 Schemkesweg 45
– Wilhelm 47057 Kraut- 14
Bleekmann Berta 47051 Heuser- 18
– Elisabeth 47137 Bürgermeister-
Pütz- 162
– Emilie 47138 Quadt- 2
– Heinrich 47051 Heuser- 18
– Lisa 47137 Nalenz- 6
– Margarete 47137 Nalenz- 6
– Ralf 47169 Weseler- 312
– Wilhelm 47137 Bürgermeister-
Pütz- 162
Bleesen Nicole 47279 Am
Buchenbusch 97
Blei Agnes 47138 Bonhoeffer- 8
– Albert 47137 Reinhold- 65
– Albert 47137 Stephan- 28
– Andreas 47137 Sommer- 46
– Birgit 47137 Sommer- 49
– Christiane 47057 Scharn- 16
– Dieter 47249 Hösfeld- 44
– Dietmar 47166 Schützen- 10
– Erna 47055 Buchholz- 20
– Friedhelm 47166 Schützen- 10
– Gerhard 47178 Herzog- 5
– Gretchen 47166 Schützen- 10
– Hermann 47137 Nalenz- 46
– Ingrid 47138 Am Kanal 3
– Karl 47055 Buchholz- 20
– Karl 47137 Von-der-Mark- 19
– Karl-Heinz 47179 Am Kanal 3
– Manuela 47166 Schützen- 10
– Martina 47178 Herzog- 5
– Rosemarie 47139 Liebregen- 36
– Udo 47249 Römer- 4
– Uwe 47057 Kammer- 130
– Veronika 47249 Römer- 4
Bleiber Elfrieda
47053 Rheinhauser- 167
Bleich Andre 47137 Ritter- 30
Gewerbebetriebe/Dienstleister nach Namen – siehe gelber Teil	A-DU
